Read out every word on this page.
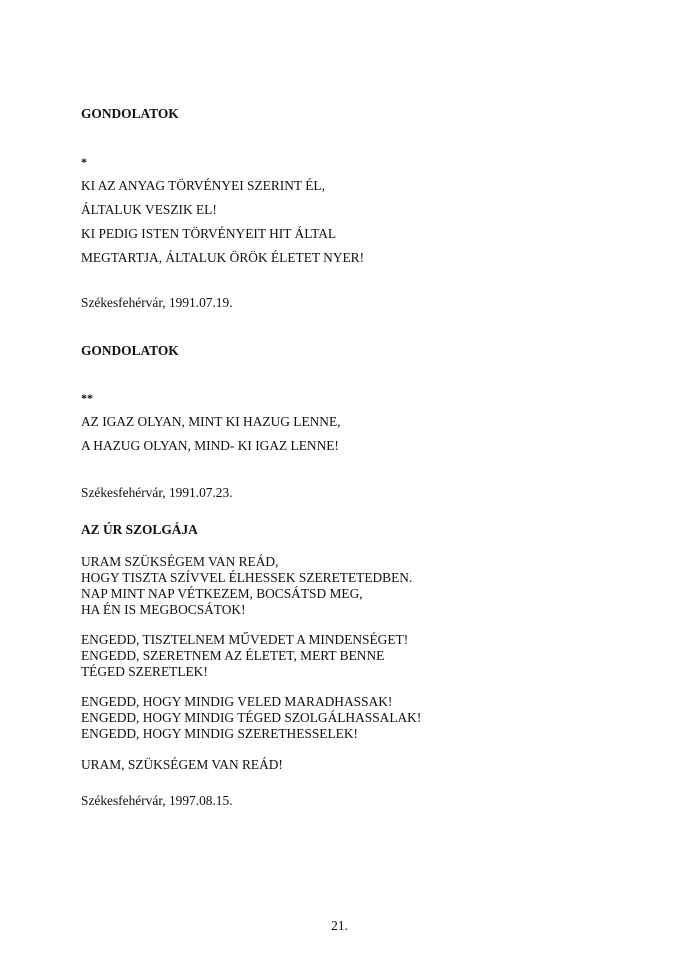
GONDOLATOK

*

KI AZ ANYAG TÖRVÉNYEI SZERINT ÉL,
ÁLTALUK VESZIK EL!
KI PEDIG ISTEN TÖRVÉNYEIT HIT ÁLTAL
MEGTARTJA, ÁLTALUK ÖRÖK ÉLETET NYER!

Székesfehérvár, 1991.07.19.

GONDOLATOK

**

AZ IGAZ OLYAN, MINT KI HAZUG LENNE,
A HAZUG OLYAN, MIND- KI IGAZ LENNE!

Székesfehérvár, 1991.07.23.

AZ ÚR SZOLGÁJA

URAM SZÜKSÉGEM VAN REÁD,
HOGY TISZTA SZÍVVEL ÉLHESSEK SZERETETEDBEN.
NAP MINT NAP VÉTKEZEM, BOCSÁTSD MEG,
HA ÉN IS MEGBOCSÁTOK!
ENGEDD, TISZTELNEM MŰVEDET A MINDENSÉGET!
ENGEDD, SZERETNEM AZ ÉLETET, MERT BENNE
TÉGED SZERETLEK!
ENGEDD, HOGY MINDIG VELED MARADHASSAK!
ENGEDD, HOGY MINDIG TÉGED SZOLGÁLHASSALAK!
ENGEDD, HOGY MINDIG SZERETHESSELEK!
URAM, SZÜKSÉGEM VAN REÁD!

Székesfehérvár, 1997.08.15.

21.
